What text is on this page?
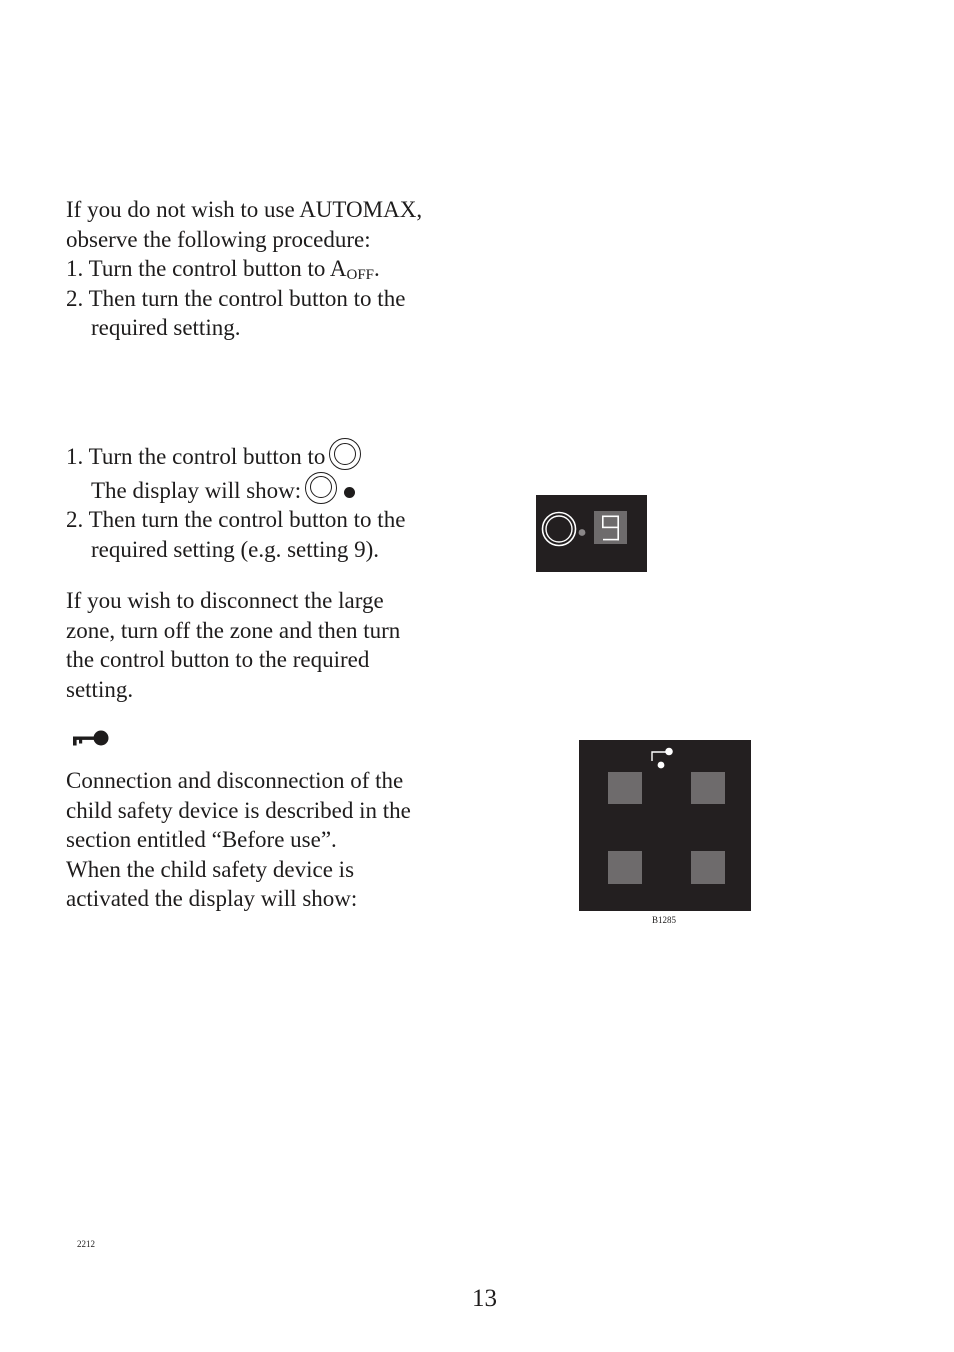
If you do not wish to use AUTOMAX,
observe the following procedure:
1. Turn the control button to $A_{OFF}$.
2. Then turn the control button to the
required setting.
1. Turn the control button to
The display will show:
2. Then turn the control button to the
required setting (e.g. setting 9).
If you wish to disconnect the large
zone, turn off the zone and then turn
the control button to the required
setting.
Connection and disconnection of the
child safety device is described in the
section entitled “Before use”.
When the child safety device is
activated the display will show:
B1285
2212
13
